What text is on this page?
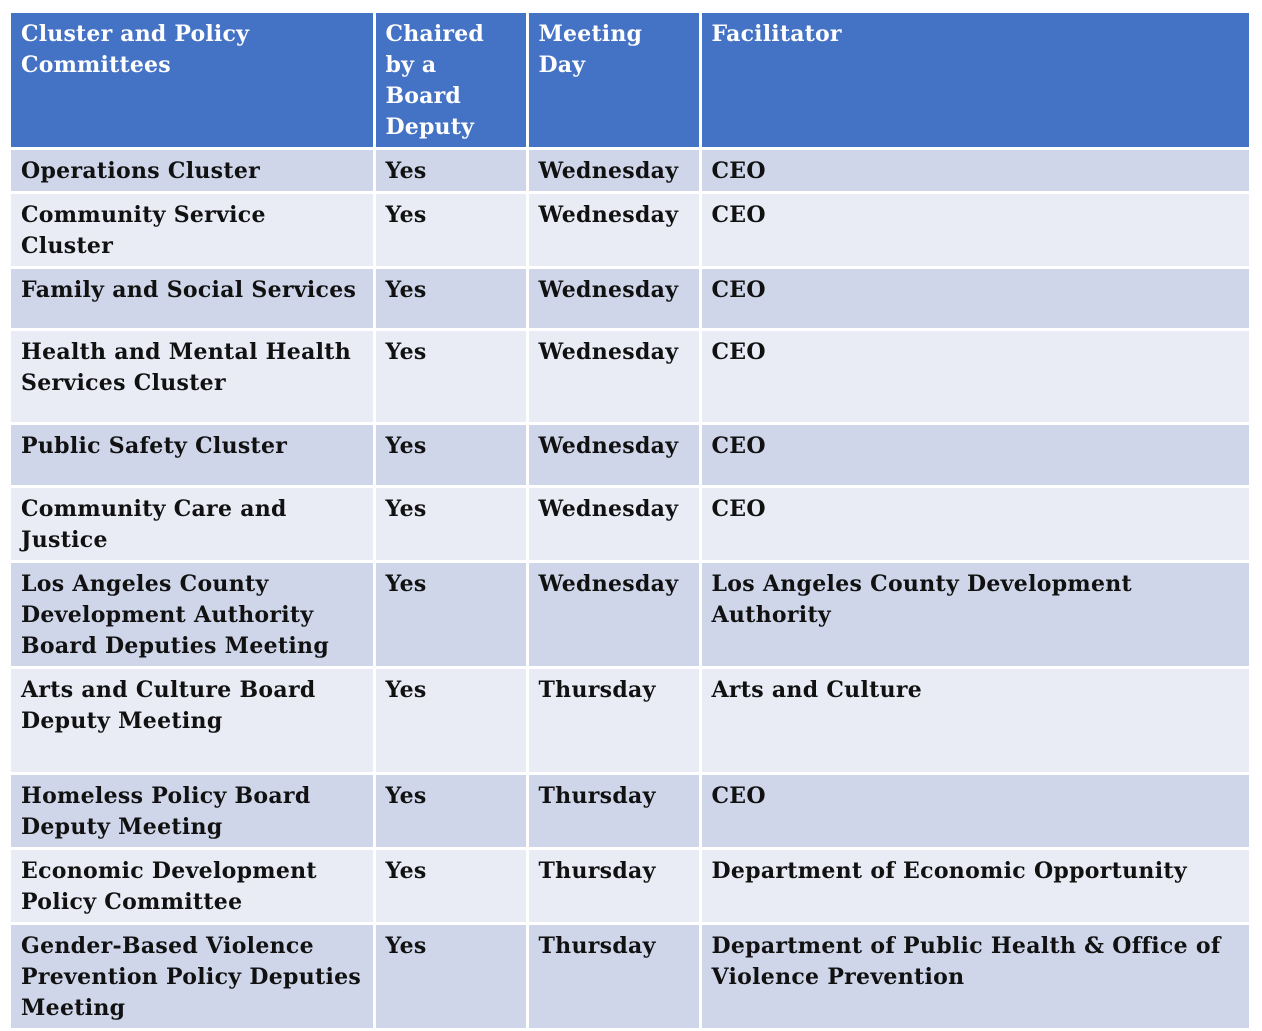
Cluster and Policy Committees	Chaired by a Board Deputy	Meeting Day	Facilitator
Operations Cluster	Yes	Wednesday	CEO
Community Service Cluster	Yes	Wednesday	CEO
Family and Social Services	Yes	Wednesday	CEO
Health and Mental Health Services Cluster	Yes	Wednesday	CEO
Public Safety Cluster	Yes	Wednesday	CEO
Community Care and Justice	Yes	Wednesday	CEO
Los Angeles County Development Authority Board Deputies Meeting	Yes	Wednesday	Los Angeles County Development Authority
Arts and Culture Board Deputy Meeting	Yes	Thursday	Arts and Culture
Homeless Policy Board Deputy Meeting	Yes	Thursday	CEO
Economic Development Policy Committee	Yes	Thursday	Department of Economic Opportunity
Gender-Based Violence Prevention Policy Deputies Meeting	Yes	Thursday	Department of Public Health & Office of Violence Prevention
